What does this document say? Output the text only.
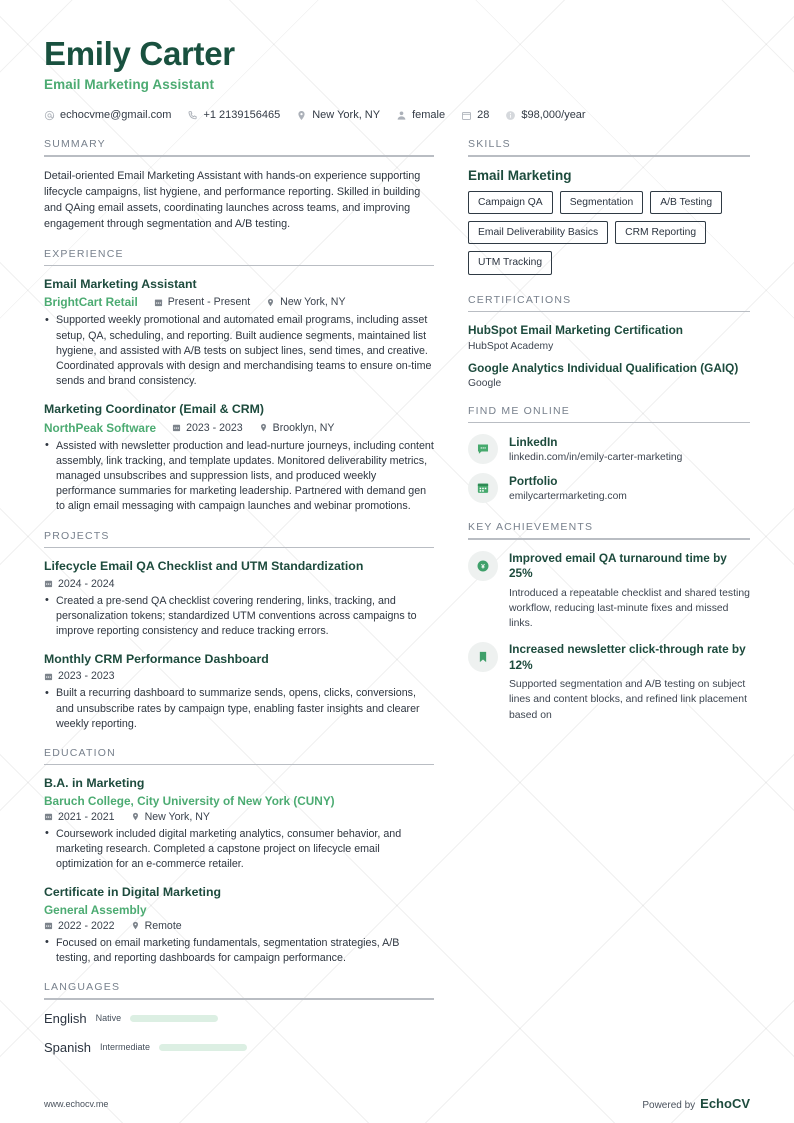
Emily Carter
Email Marketing Assistant
echocvme@gmail.com	+1 2139156465	New York, NY	female	28	$98,000/year
SUMMARY
Detail-oriented Email Marketing Assistant with hands-on experience supporting lifecycle campaigns, list hygiene, and performance reporting. Skilled in building and QAing email assets, coordinating launches across teams, and improving engagement through segmentation and A/B testing.
EXPERIENCE
Email Marketing Assistant
BrightCart Retail	Present - Present	New York, NY
• Supported weekly promotional and automated email programs, including asset setup, QA, scheduling, and reporting. Built audience segments, maintained list hygiene, and assisted with A/B tests on subject lines, send times, and creative. Coordinated approvals with design and merchandising teams to ensure on-time sends and brand consistency.
Marketing Coordinator (Email & CRM)
NorthPeak Software	2023 - 2023	Brooklyn, NY
• Assisted with newsletter production and lead-nurture journeys, including content assembly, link tracking, and template updates. Monitored deliverability metrics, managed unsubscribes and suppression lists, and produced weekly performance summaries for marketing leadership. Partnered with demand gen to align email messaging with campaign launches and webinar promotions.
PROJECTS
Lifecycle Email QA Checklist and UTM Standardization
2024 - 2024
• Created a pre-send QA checklist covering rendering, links, tracking, and personalization tokens; standardized UTM conventions across campaigns to improve reporting consistency and reduce tracking errors.
Monthly CRM Performance Dashboard
2023 - 2023
• Built a recurring dashboard to summarize sends, opens, clicks, conversions, and unsubscribe rates by campaign type, enabling faster insights and clearer weekly reporting.
EDUCATION
B.A. in Marketing
Baruch College, City University of New York (CUNY)
2021 - 2021	New York, NY
• Coursework included digital marketing analytics, consumer behavior, and marketing research. Completed a capstone project on lifecycle email optimization for an e-commerce retailer.
Certificate in Digital Marketing
General Assembly
2022 - 2022	Remote
• Focused on email marketing fundamentals, segmentation strategies, A/B testing, and reporting dashboards for campaign performance.
LANGUAGES
English Native
Spanish Intermediate
SKILLS
Email Marketing
Campaign QA	Segmentation	A/B Testing
Email Deliverability Basics	CRM Reporting
UTM Tracking
CERTIFICATIONS
HubSpot Email Marketing Certification
HubSpot Academy
Google Analytics Individual Qualification (GAIQ)
Google
FIND ME ONLINE
LinkedIn
linkedin.com/in/emily-carter-marketing
Portfolio
emilycartermarketing.com
KEY ACHIEVEMENTS
¥
Improved email QA turnaround time by 25%
Introduced a repeatable checklist and shared testing workflow, reducing last-minute fixes and missed links.
Increased newsletter click-through rate by 12%
Supported segmentation and A/B testing on subject lines and content blocks, and refined link placement based on
www.echocv.me	Powered by EchoCV
